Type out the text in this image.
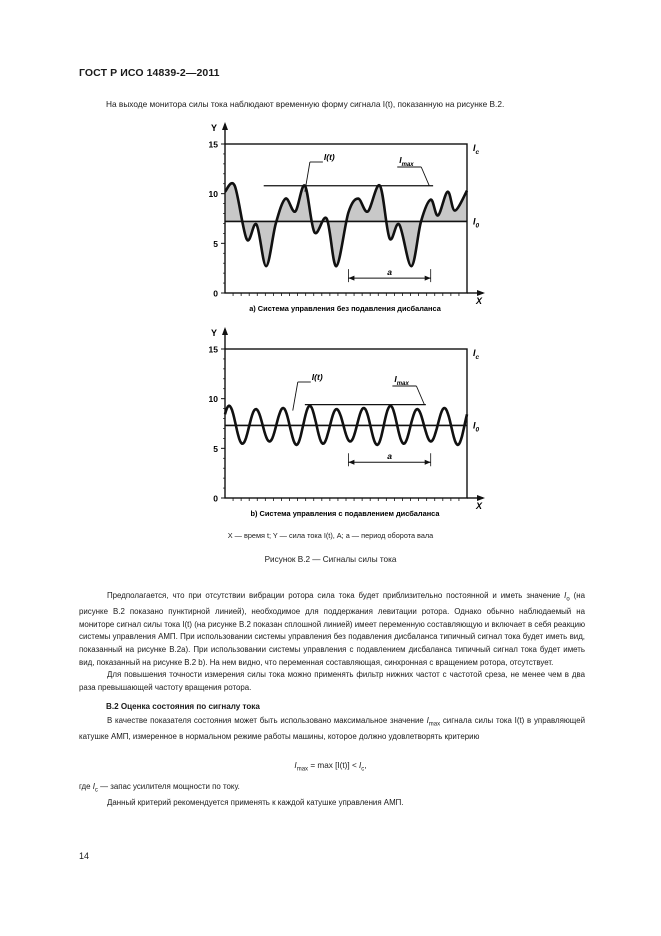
ГОСТ Р ИСО 14839-2—2011
На выходе монитора силы тока наблюдают временную форму сигнала I(t), показанную на рисунке В.2.
Y
X
0
5
10
15	$I_c$
$I_0$
I(t)	$I_{max}$
a
а) Система управления без подавления дисбаланса
Y
X
0
5
10
15	$I_c$
$I_0$
I(t)	$I_{max}$
a
b) Система управления с подавлением дисбаланса
X — время t; Y — сила тока I(t), А; a — период оборота вала
Рисунок В.2 — Сигналы силы тока

Предполагается, что при отсутствии вибрации ротора сила тока будет приблизительно постоянной и иметь значение $I_o$ (на рисунке В.2 показано пунктирной линией), необходимое для поддержания левитации ротора. Однако обычно наблюдаемый на мониторе сигнал силы тока I(t) (на рисунке В.2 показан сплошной линией) имеет переменную составляющую и включает в себя реакцию системы управления АМП. При использовании системы управления без подавления дисбаланса типичный сигнал тока будет иметь вид, показанный на рисунке В.2а). При использовании системы управления с подавлением дисбаланса типичный сигнал тока будет иметь вид, показанный на рисунке В.2 b). На нем видно, что переменная составляющая, синхронная с вращением ротора, отсутствует.

Для повышения точности измерения силы тока можно применять фильтр нижних частот с частотой среза, не менее чем в два раза превышающей частоту вращения ротора.

В.2 Оценка состояния по сигналу тока

В качестве показателя состояния может быть использовано максимальное значение $I_{max}$ сигнала силы тока I(t) в управляющей катушке АМП, измеренное в нормальном режиме работы машины, которое должно удовлетворять критерию

$I_{max} = \max [I(t)] < I_c$,

где $I_c$ — запас усилителя мощности по току.

Данный критерий рекомендуется применять к каждой катушке управления АМП.

14
